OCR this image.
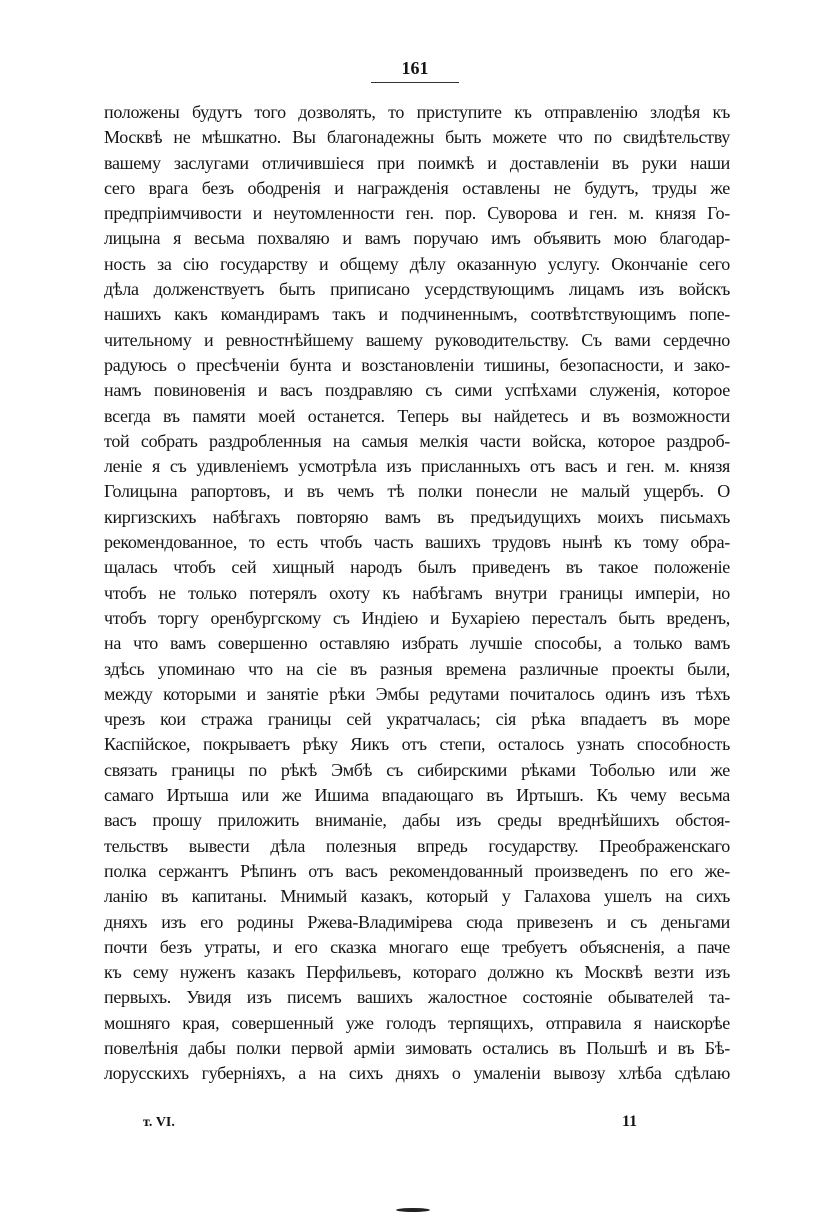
161
положены будутъ того дозволять, то приступите къ отправленію злодѣя къ
Москвѣ не мѣшкатно. Вы благонадежны быть можете что по свидѣтельству
вашему заслугами отличившіеся при поимкѣ и доставленіи въ руки наши
сего врага безъ ободренія и награжденія оставлены не будутъ, труды же
предпріимчивости и неутомленности ген. пор. Суворова и ген. м. князя Го-
лицына я весьма похваляю и вамъ поручаю имъ объявить мою благодар-
ность за сію государству и общему дѣлу оказанную услугу. Окончаніе сего
дѣла долженствуетъ быть приписано усердствующимъ лицамъ изъ войскъ
нашихъ какъ командирамъ такъ и подчиненнымъ, соотвѣтствующимъ попе-
чительному и ревностнѣйшему вашему руководительству. Съ вами сердечно
радуюсь о пресѣченіи бунта и возстановленіи тишины, безопасности, и зако-
намъ повиновенія и васъ поздравляю съ сими успѣхами служенія, которое
всегда въ памяти моей останется. Теперь вы найдетесь и въ возможности
той собрать раздробленныя на самыя мелкія части войска, которое раздроб-
леніе я съ удивленіемъ усмотрѣла изъ присланныхъ отъ васъ и ген. м. князя
Голицына рапортовъ, и въ чемъ тѣ полки понесли не малый ущербъ. О
киргизскихъ набѣгахъ повторяю вамъ въ предъидущихъ моихъ письмахъ
рекомендованное, то есть чтобъ часть вашихъ трудовъ нынѣ къ тому обра-
щалась чтобъ сей хищный народъ былъ приведенъ въ такое положеніе
чтобъ не только потерялъ охоту къ набѣгамъ внутри границы имперіи, но
чтобъ торгу оренбургскому съ Индіею и Бухаріею пересталъ быть вреденъ,
на что вамъ совершенно оставляю избрать лучшіе способы, а только вамъ
здѣсь упоминаю что на сіе въ разныя времена различные проекты были,
между которыми и занятіе рѣки Эмбы редутами почиталось одинъ изъ тѣхъ
чрезъ кои стража границы сей укратчалась; сія рѣка впадаетъ въ море
Каспійское, покрываетъ рѣку Яикъ отъ степи, осталось узнать способность
связать границы по рѣкѣ Эмбѣ съ сибирскими рѣками Тоболью или же
самаго Иртыша или же Ишима впадающаго въ Иртышъ. Къ чему весьма
васъ прошу приложить вниманіе, дабы изъ среды вреднѣйшихъ обстоя-
тельствъ вывести дѣла полезныя впредь государству. Преображенскаго
полка сержантъ Рѣпинъ отъ васъ рекомендованный произведенъ по его же-
ланію въ капитаны. Мнимый казакъ, который у Галахова ушелъ на сихъ
дняхъ изъ его родины Ржева-Владимірева сюда привезенъ и съ деньгами
почти безъ утраты, и его сказка многаго еще требуетъ объясненія, а паче
къ сему нуженъ казакъ Перфильевъ, котораго должно къ Москвѣ везти изъ
первыхъ. Увидя изъ писемъ вашихъ жалостное состояніе обывателей та-
мошняго края, совершенный уже голодъ терпящихъ, отправила я наискорѣе
повелѣнія дабы полки первой арміи зимовать остались въ Польшѣ и въ Бѣ-
лорусскихъ губерніяхъ, а на сихъ дняхъ о умаленіи вывозу хлѣба сдѣлаю
т. VI.	11
